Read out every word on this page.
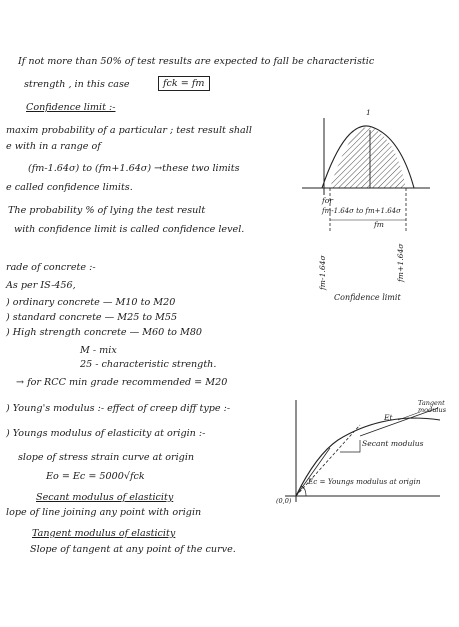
If not more than 50% of test results are expected to fall be characteristic
strength , in this case	fck = fm
Confidence limit :-
maxim probability of a particular ; test result shall
e with in a range of
(fm-1.64σ) to (fm+1.64σ) →these two limits
e called confidence limits.
The probability % of lying the test result
with confidence limit is called confidence level.
rade of concrete :-
As per IS-456,
) ordinary concrete — M10 to M20
) standard concrete — M25 to M55
) High strength concrete — M60 to M80
M - mix
25 - characteristic strength.
→ for RCC min grade recommended = M20
) Young's modulus :- effect of creep diff type :-
) Youngs modulus of elasticity at origin :-
slope of stress strain curve at origin
Eo = Ec = 5000√fck
Secant modulus of elasticity
lope of line joining any point with origin
Tangent modulus of elasticity
Slope of tangent at any point of the curve.
1
for
fm-1.64σ to fm+1.64σ
fm
fm-1.64σ	fm+1.64σ
Confidence limit
Tangent modulus
Et
Secant modulus
Ec = Youngs modulus at origin
(0,0)
